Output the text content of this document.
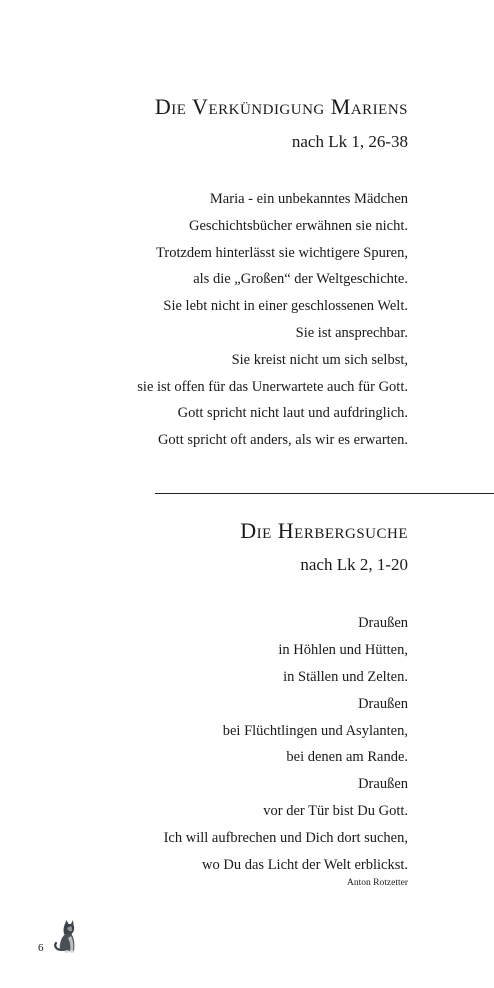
Die Verkündigung Mariens
nach Lk 1, 26-38
Maria - ein unbekanntes Mädchen
Geschichtsbücher erwähnen sie nicht.
Trotzdem hinterlässt sie wichtigere Spuren,
als die „Großen“ der Weltgeschichte.
Sie lebt nicht in einer geschlossenen Welt.
Sie ist ansprechbar.
Sie kreist nicht um sich selbst,
sie ist offen für das Unerwartete auch für Gott.
Gott spricht nicht laut und aufdringlich.
Gott spricht oft anders, als wir es erwarten.
Die Herbergsuche
nach Lk 2, 1-20
Draußen
in Höhlen und Hütten,
in Ställen und Zelten.
Draußen
bei Flüchtlingen und Asylanten,
bei denen am Rande.
Draußen
vor der Tür bist Du Gott.
Ich will aufbrechen und Dich dort suchen,
wo Du das Licht der Welt erblickst.
Anton Rotzetter
6
